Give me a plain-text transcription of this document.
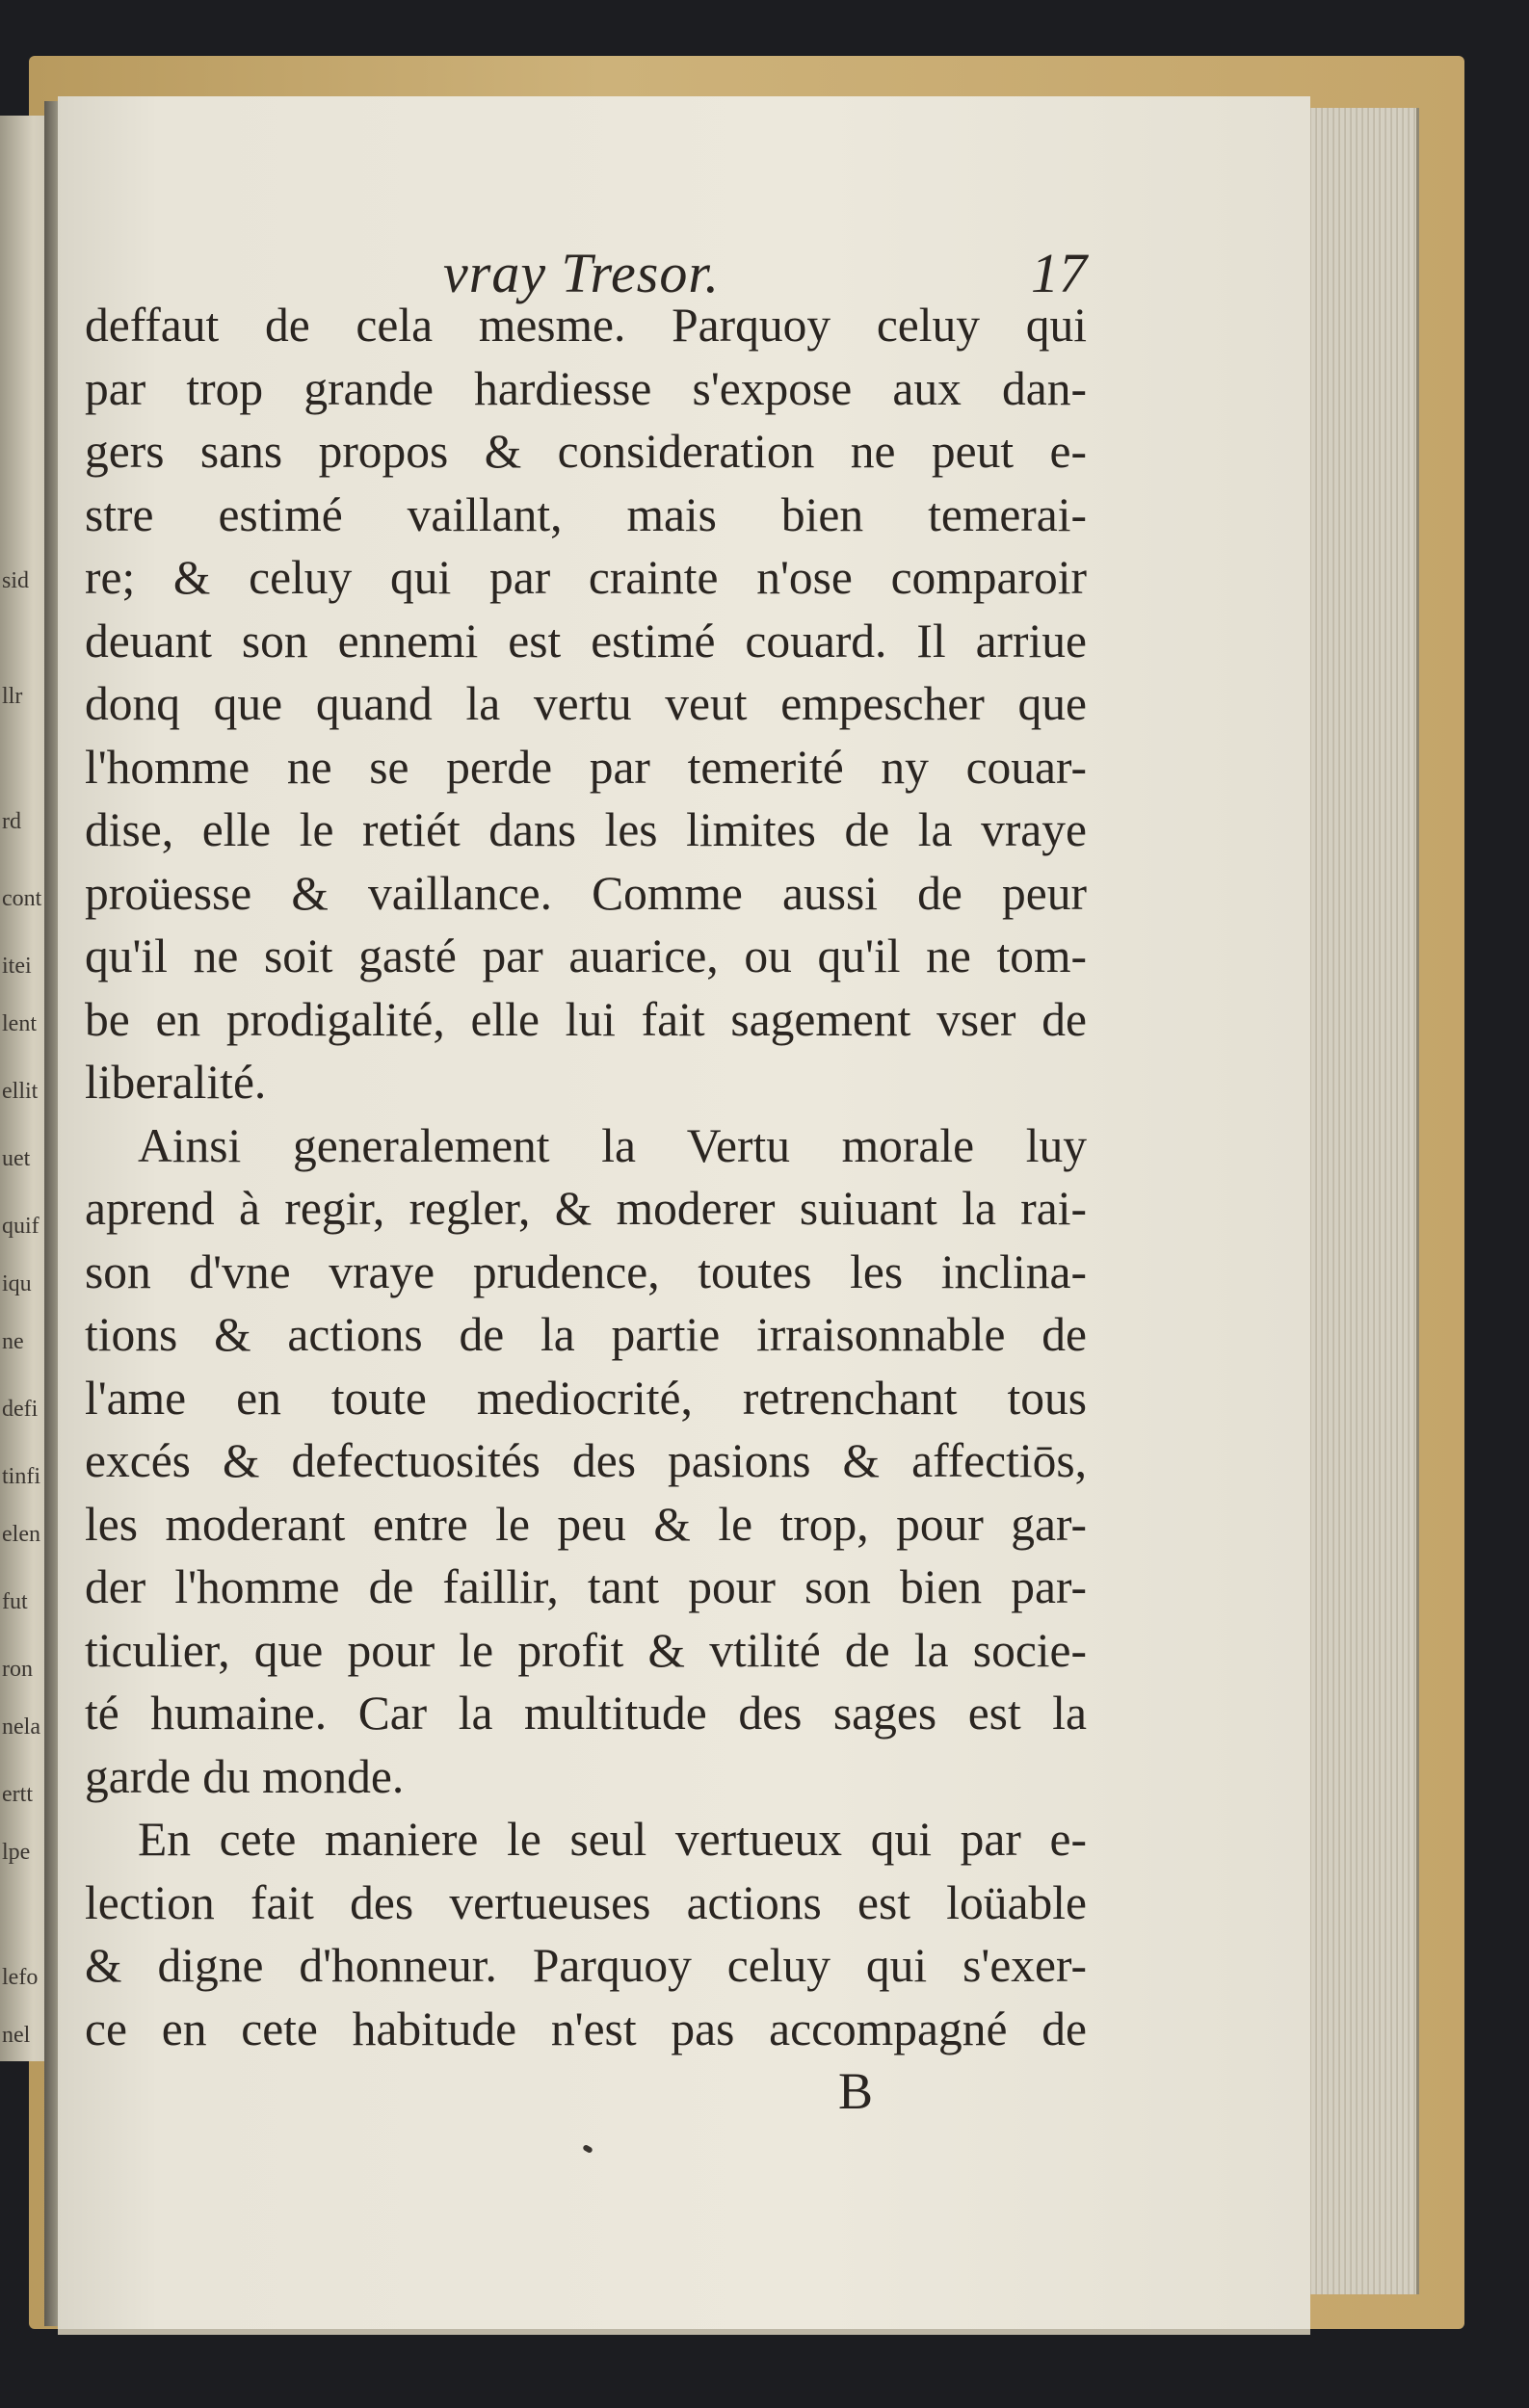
sid
llr
rd
cont
itei
lent
ellit
uet
quif
iqu
ne
defi
tinfi
elen
fut
ron
nela
ertt
lpe
lefo
nel
vray Tresor.	17
deffaut de cela mesme. Parquoy celuy qui
par trop grande hardiesse s'expose aux dan-
gers sans propos & consideration ne peut e-
stre estimé vaillant, mais bien temerai-
re; & celuy qui par crainte n'ose comparoir
deuant son ennemi est estimé couard. Il arriue
donq que quand la vertu veut empescher que
l'homme ne se perde par temerité ny couar-
dise, elle le retiét dans les limites de la vraye
proüesse & vaillance. Comme aussi de peur
qu'il ne soit gasté par auarice, ou qu'il ne tom-
be en prodigalité, elle lui fait sagement vser de
liberalité.
Ainsi generalement la Vertu morale luy
aprend à regir, regler, & moderer suiuant la rai-
son d'vne vraye prudence, toutes les inclina-
tions & actions de la partie irraisonnable de
l'ame en toute mediocrité, retrenchant tous
excés & defectuosités des pasions & affectiōs,
les moderant entre le peu & le trop, pour gar-
der l'homme de faillir, tant pour son bien par-
ticulier, que pour le profit & vtilité de la socie-
té humaine. Car la multitude des sages est la
garde du monde.
En cete maniere le seul vertueux qui par e-
lection fait des vertueuses actions est loüable
& digne d'honneur. Parquoy celuy qui s'exer-
ce en cete habitude n'est pas accompagné de
B
